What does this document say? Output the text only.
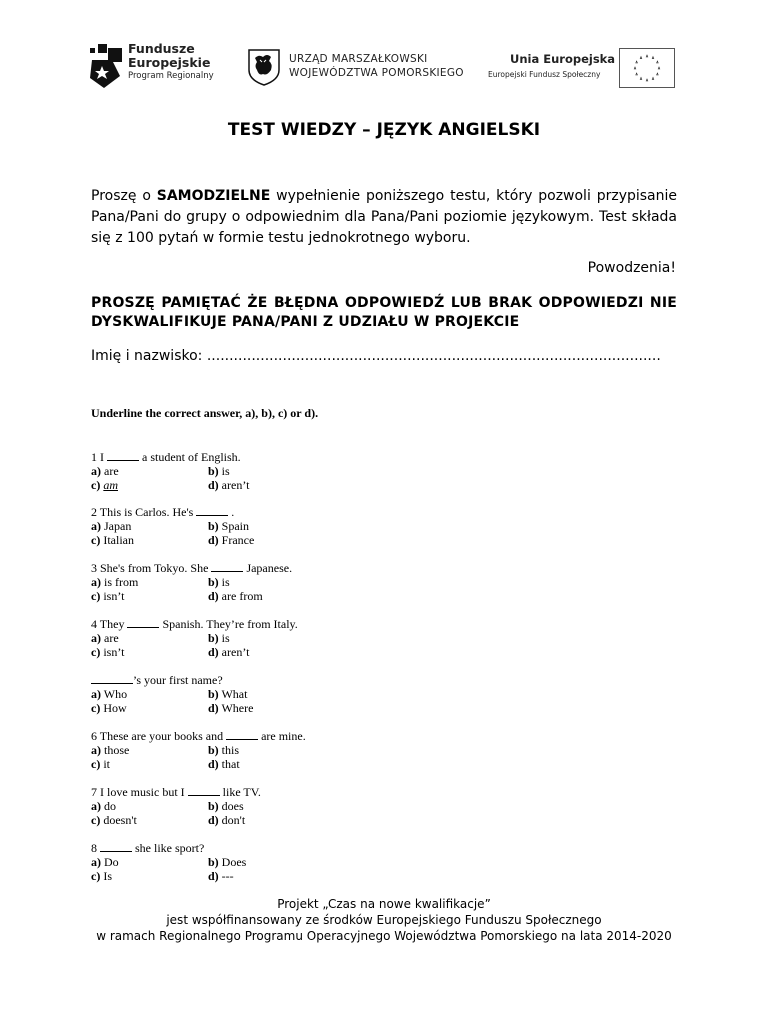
Fundusze
Europejskie
Program Regionalny
URZĄD MARSZAŁKOWSKI
WOJEWÓDZTWA POMORSKIEGO
Unia Europejska
Europejski Fundusz Społeczny
TEST WIEDZY – JĘZYK ANGIELSKI
Proszę o SAMODZIELNE wypełnienie poniższego testu, który pozwoli przypisanie Pana/Pani do grupy o odpowiednim dla Pana/Pani poziomie językowym. Test składa się z 100 pytań w formie testu jednokrotnego wyboru.
Powodzenia!
PROSZĘ PAMIĘTAĆ ŻE BŁĘDNA ODPOWIEDŹ LUB BRAK ODPOWIEDZI NIE DYSKWALIFIKUJE PANA/PANI Z UDZIAŁU W PROJEKCIE
Imię i nazwisko: ......................................................................................................
Underline the correct answer, a), b), c) or d).
1 I	a student of English.
a) are	b) is
c) am	d) aren’t
2 This is Carlos. He's	.
a) Japan	b) Spain
c) Italian	d) France
3 She's from Tokyo. She	Japanese.
a) is from	b) is
c) isn’t	d) are from
4 They	Spanish. They’re from Italy.
a) are	b) is
c) isn’t	d) aren’t
’s your first name?
a) Who	b) What
c) How	d) Where
6 These are your books and	are mine.
a) those	b) this
c) it	d) that
7 I love music but I	like TV.
a) do	b) does
c) doesn't	d) don't
8	she like sport?
a) Do	b) Does
c) Is	d) ---
Projekt „Czas na nowe kwalifikacje”
jest współfinansowany ze środków Europejskiego Funduszu Społecznego
w ramach Regionalnego Programu Operacyjnego Województwa Pomorskiego na lata 2014-2020
